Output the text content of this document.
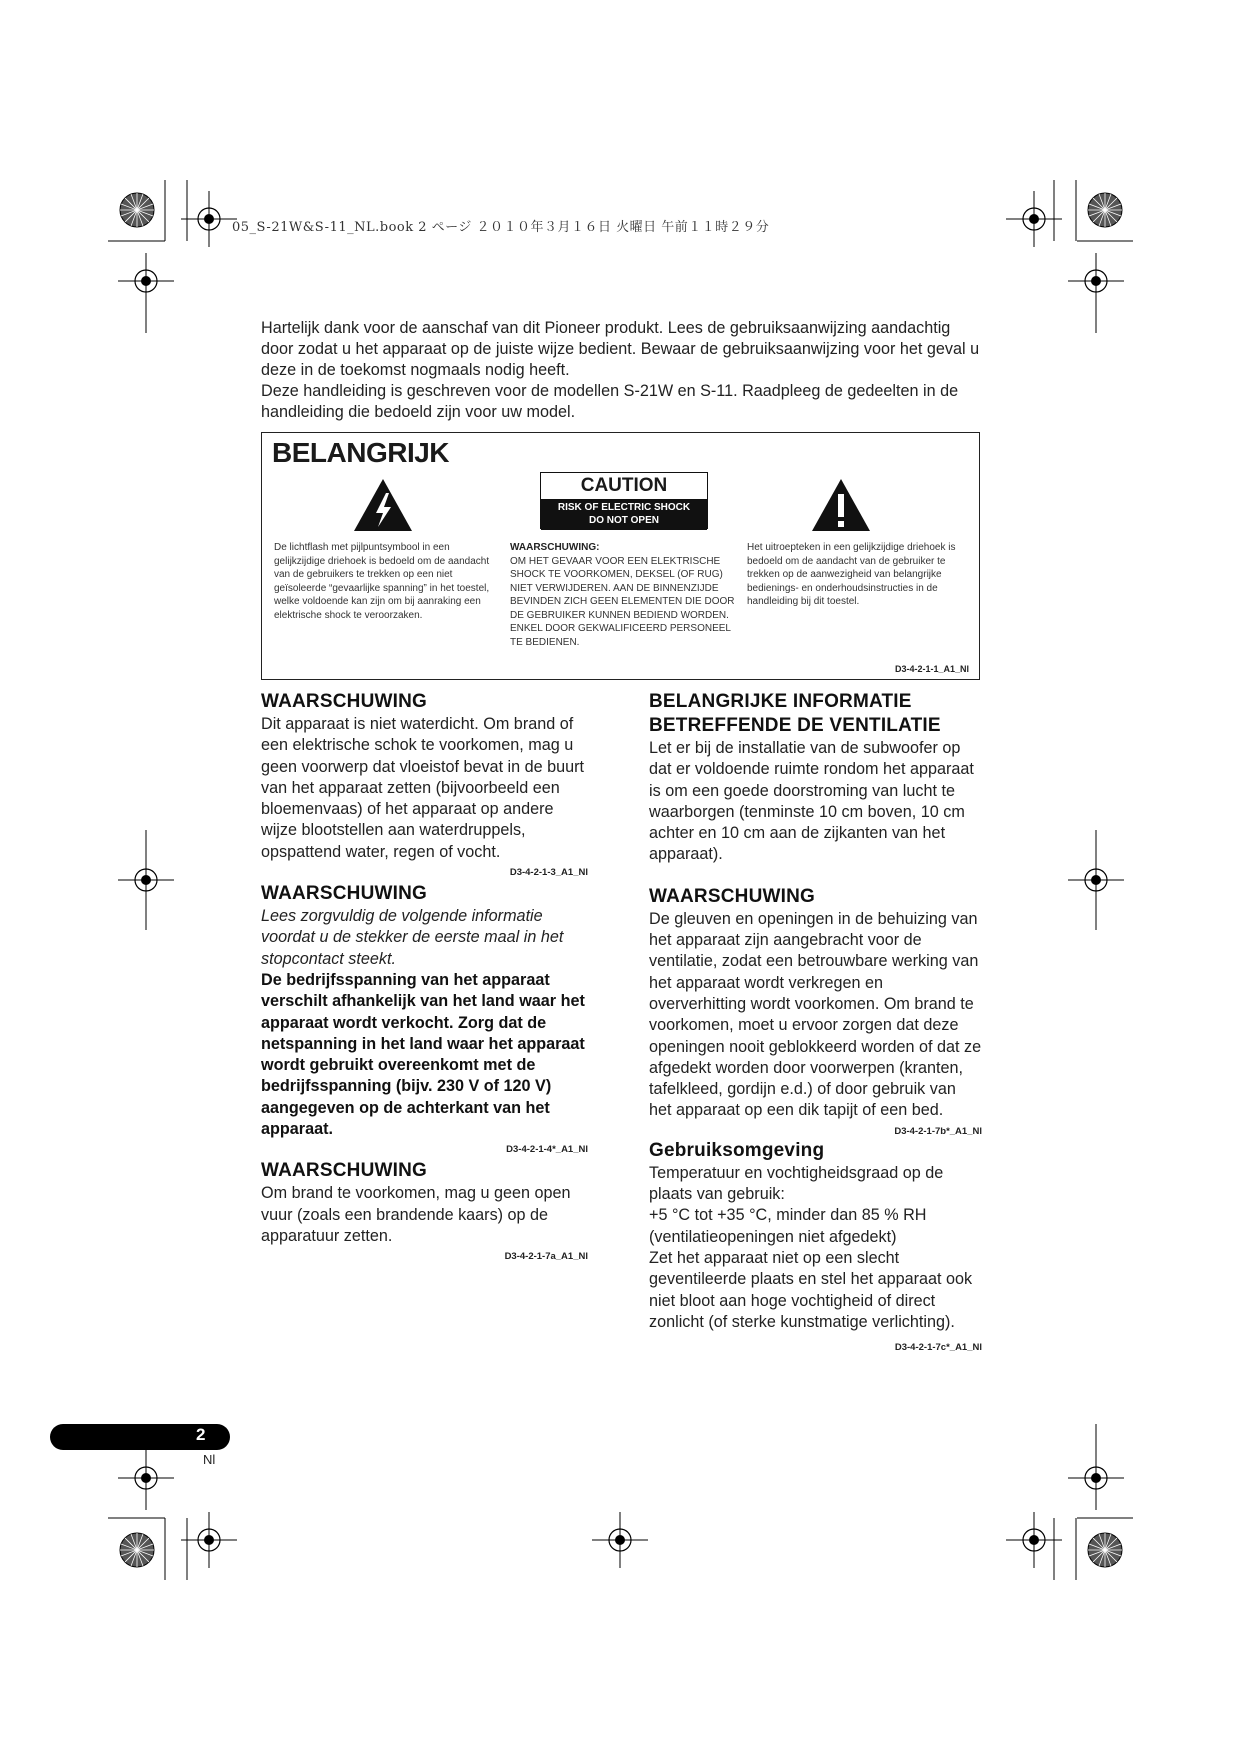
05_S-21W&S-11_NL.book 2 ページ ２０１０年３月１６日 火曜日 午前１１時２９分

Hartelijk dank voor de aanschaf van dit Pioneer produkt. Lees de gebruiksaanwijzing aandachtig door zodat u het apparaat op de juiste wijze bedient. Bewaar de gebruiksaanwijzing voor het geval u deze in de toekomst nogmaals nodig heeft.

Deze handleiding is geschreven voor de modellen S-21W en S-11. Raadpleeg de gedeelten in de handleiding die bedoeld zijn voor uw model.

BELANGRIJK
CAUTION
RISK OF ELECTRIC SHOCK
DO NOT OPEN
De lichtflash met pijlpuntsymbool in een gelijkzijdige driehoek is bedoeld om de aandacht van de gebruikers te trekken op een niet geïsoleerde “gevaarlijke spanning” in het toestel, welke voldoende kan zijn om bij aanraking een elektrische shock te veroorzaken.
WAARSCHUWING:
OM HET GEVAAR VOOR EEN ELEKTRISCHE SHOCK TE VOORKOMEN, DEKSEL (OF RUG) NIET VERWIJDEREN. AAN DE BINNENZIJDE BEVINDEN ZICH GEEN ELEMENTEN DIE DOOR DE GEBRUIKER KUNNEN BEDIEND WORDEN. ENKEL DOOR GEKWALIFICEERD PERSONEEL TE BEDIENEN.
Het uitroepteken in een gelijkzijdige driehoek is bedoeld om de aandacht van de gebruiker te trekken op de aanwezigheid van belangrijke bedienings- en onderhoudsinstructies in de handleiding bij dit toestel.
D3-4-2-1-1_A1_Nl
WAARSCHUWING

Dit apparaat is niet waterdicht. Om brand of een elektrische schok te voorkomen, mag u geen voorwerp dat vloeistof bevat in de buurt van het apparaat zetten (bijvoorbeeld een bloemenvaas) of het apparaat op andere wijze blootstellen aan waterdruppels, opspattend water, regen of vocht.

D3-4-2-1-3_A1_Nl
WAARSCHUWING

Lees zorgvuldig de volgende informatie voordat u de stekker de eerste maal in het stopcontact steekt.

De bedrijfsspanning van het apparaat verschilt afhankelijk van het land waar het apparaat wordt verkocht. Zorg dat de netspanning in het land waar het apparaat wordt gebruikt overeenkomt met de bedrijfsspanning (bijv. 230 V of 120 V) aangegeven op de achterkant van het apparaat.

D3-4-2-1-4*_A1_Nl
WAARSCHUWING

Om brand te voorkomen, mag u geen open vuur (zoals een brandende kaars) op de apparatuur zetten.

D3-4-2-1-7a_A1_Nl
BELANGRIJKE INFORMATIE BETREFFENDE DE VENTILATIE

Let er bij de installatie van de subwoofer op dat er voldoende ruimte rondom het apparaat is om een goede doorstroming van lucht te waarborgen (tenminste 10 cm boven, 10 cm achter en 10 cm aan de zijkanten van het apparaat).

WAARSCHUWING

De gleuven en openingen in de behuizing van het apparaat zijn aangebracht voor de ventilatie, zodat een betrouwbare werking van het apparaat wordt verkregen en oververhitting wordt voorkomen. Om brand te voorkomen, moet u ervoor zorgen dat deze openingen nooit geblokkeerd worden of dat ze afgedekt worden door voorwerpen (kranten, tafelkleed, gordijn e.d.) of door gebruik van het apparaat op een dik tapijt of een bed.

D3-4-2-1-7b*_A1_Nl
Gebruiksomgeving

Temperatuur en vochtigheidsgraad op de plaats van gebruik:

+5 °C tot +35 °C, minder dan 85 % RH (ventilatieopeningen niet afgedekt)

Zet het apparaat niet op een slecht geventileerde plaats en stel het apparaat ook niet bloot aan hoge vochtigheid of direct zonlicht (of sterke kunstmatige verlichting).

D3-4-2-1-7c*_A1_Nl
2
Nl
